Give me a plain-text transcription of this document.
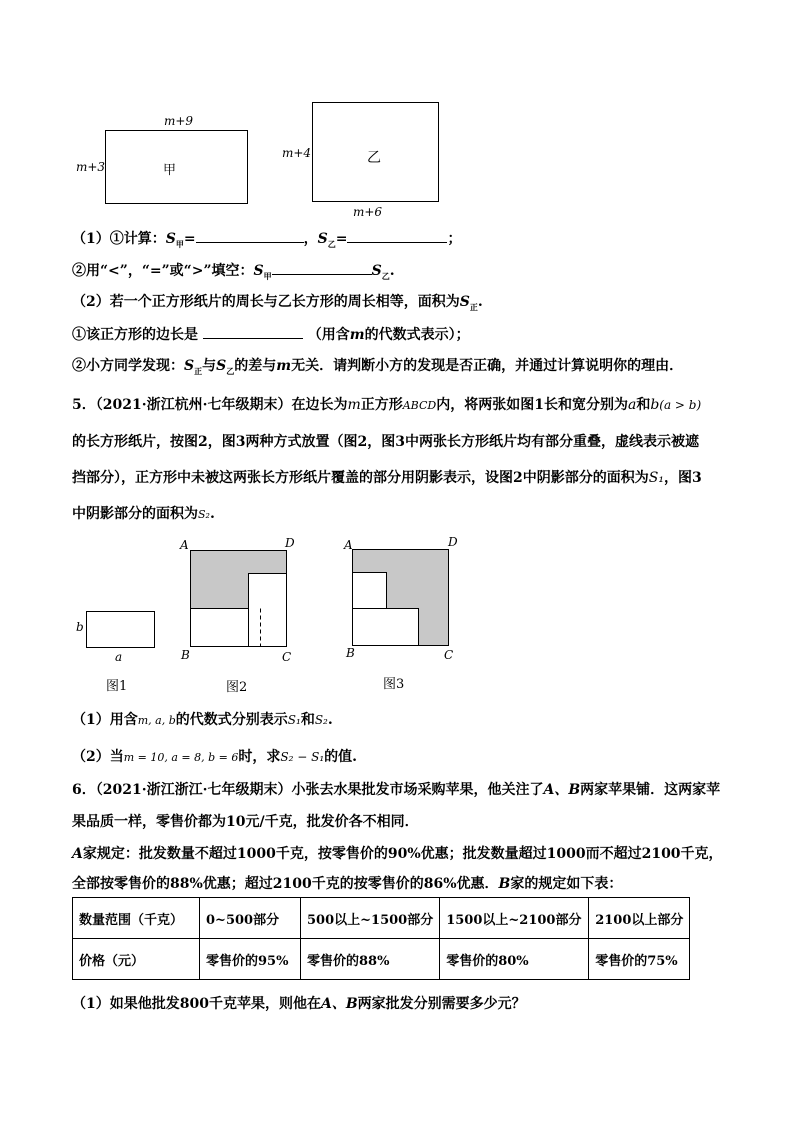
m+9
m+3	甲
m+4	乙
m+6
（1）①计算：$S_甲=$	，$S_乙=$	；
②用“<”，“=”或“>”填空：$S_甲$	$S_乙$.
（2）若一个正方形纸片的周长与乙长方形的周长相等，面积为$S_正$.
①该正方形的边长是	（用含m的代数式表示）；
②小方同学发现：$S_正$与$S_乙$的差与m无关．请判断小方的发现是否正确，并通过计算说明你的理由．
5．（2021·浙江杭州·七年级期末）在边长为m正方形ABCD内，将两张如图1长和宽分别为a和b(a > b)
的长方形纸片，按图2，图3两种方式放置（图2，图3中两张长方形纸片均有部分重叠，虚线表示被遮
挡部分），正方形中未被这两张长方形纸片覆盖的部分用阴影表示，设图2中阴影部分的面积为S₁，图3
中阴影部分的面积为S₂.
b
a
图1
A	D
B	C
图2
A	D
B	C
图3
（1）用含m, a, b的代数式分别表示S₁和S₂.
（2）当m = 10, a = 8, b = 6时，求S₂ − S₁的值.
6．（2021·浙江浙江·七年级期末）小张去水果批发市场采购苹果，他关注了A、B两家苹果铺．这两家苹
果品质一样，零售价都为10元/千克，批发价各不相同．
A家规定：批发数量不超过1000千克，按零售价的90%优惠；批发数量超过1000而不超过2100千克，
全部按零售价的88%优惠；超过2100千克的按零售价的86%优惠．B家的规定如下表：
数量范围（千克）	0~500部分	500以上~1500部分	1500以上~2100部分	2100以上部分
价格（元）	零售价的95%	零售价的88%	零售价的80%	零售价的75%
（1）如果他批发800千克苹果，则他在A、B两家批发分别需要多少元？
